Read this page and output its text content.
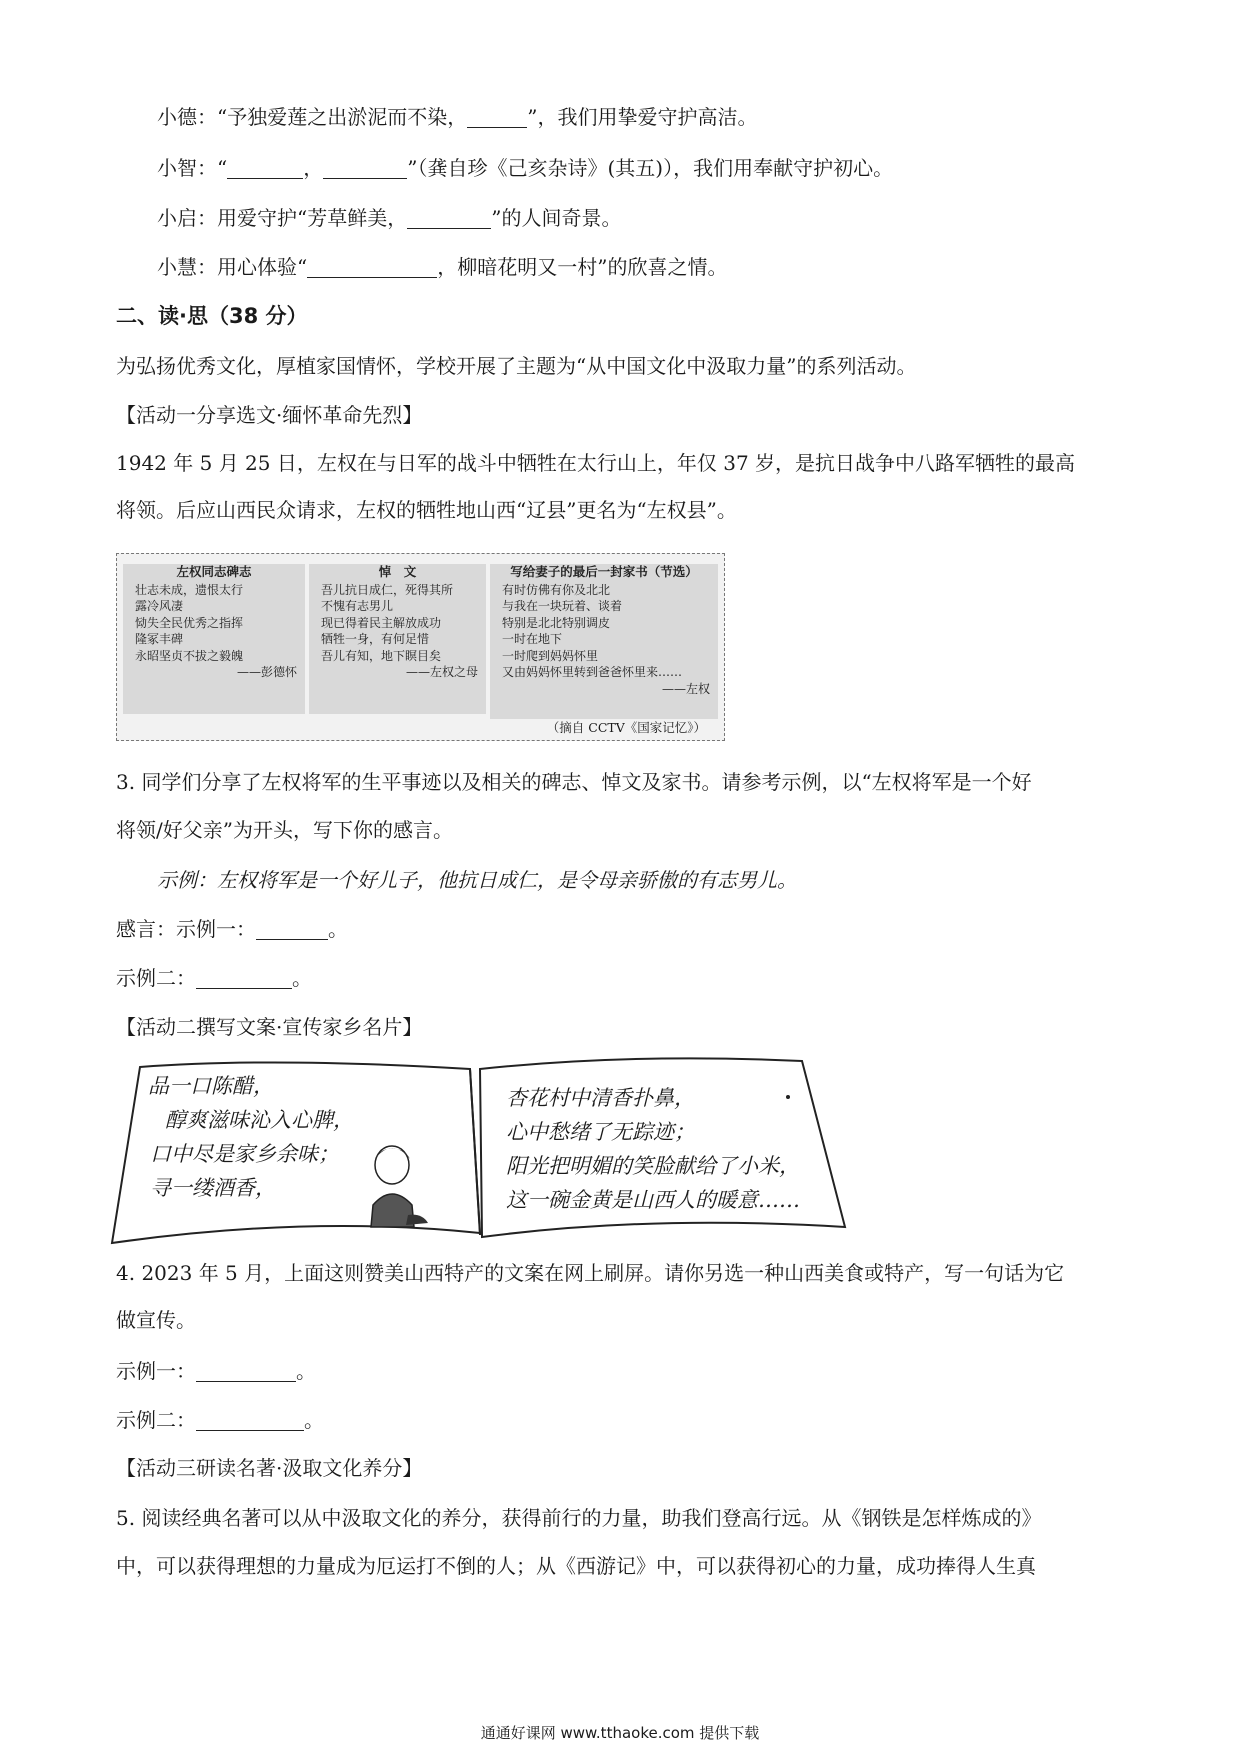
小德：“予独爱莲之出淤泥而不染，	”，我们用挚爱守护高洁。
小智：“	，	”（龚自珍《己亥杂诗》(其五)），我们用奉献守护初心。
小启：用爱守护“芳草鲜美，	”的人间奇景。
小慧：用心体验“	，柳暗花明又一村”的欣喜之情。
二、读·思（38 分）
为弘扬优秀文化，厚植家国情怀，学校开展了主题为“从中国文化中汲取力量”的系列活动。
【活动一分享选文·缅怀革命先烈】
1942 年 5 月 25 日，左权在与日军的战斗中牺牲在太行山上，年仅 37 岁，是抗日战争中八路军牺牲的最高
将领。后应山西民众请求，左权的牺牲地山西“辽县”更名为“左权县”。
左权同志碑志
壮志未成，遗恨太行
露冷风凄
恸失全民优秀之指挥
隆冢丰碑
永昭坚贞不拔之毅魄
——彭德怀
悼　文
吾儿抗日成仁，死得其所
不愧有志男儿
现已得着民主解放成功
牺牲一身，有何足惜
吾儿有知，地下瞑目矣
——左权之母
写给妻子的最后一封家书（节选）
有时仿佛有你及北北
与我在一块玩着、谈着
特别是北北特别调皮
一时在地下
一时爬到妈妈怀里
又由妈妈怀里转到爸爸怀里来……
——左权
（摘自 CCTV《国家记忆》）
3. 同学们分享了左权将军的生平事迹以及相关的碑志、悼文及家书。请参考示例，以“左权将军是一个好
将领/好父亲”为开头，写下你的感言。
示例：左权将军是一个好儿子，他抗日成仁，是令母亲骄傲的有志男儿。
感言：示例一：	。
示例二：	。
【活动二撰写文案·宣传家乡名片】
品一口陈醋，
醇爽滋味沁入心脾，
口中尽是家乡余味；
寻一缕酒香，
杏花村中清香扑鼻，
心中愁绪了无踪迹；
阳光把明媚的笑脸献给了小米，
这一碗金黄是山西人的暖意……
4. 2023 年 5 月，上面这则赞美山西特产的文案在网上刷屏。请你另选一种山西美食或特产，写一句话为它
做宣传。
示例一：	。
示例二：	。
【活动三研读名著·汲取文化养分】
5. 阅读经典名著可以从中汲取文化的养分，获得前行的力量，助我们登高行远。从《钢铁是怎样炼成的》
中，可以获得理想的力量成为厄运打不倒的人；从《西游记》中，可以获得初心的力量，成功捧得人生真
通通好课网 www.tthaoke.com 提供下载
